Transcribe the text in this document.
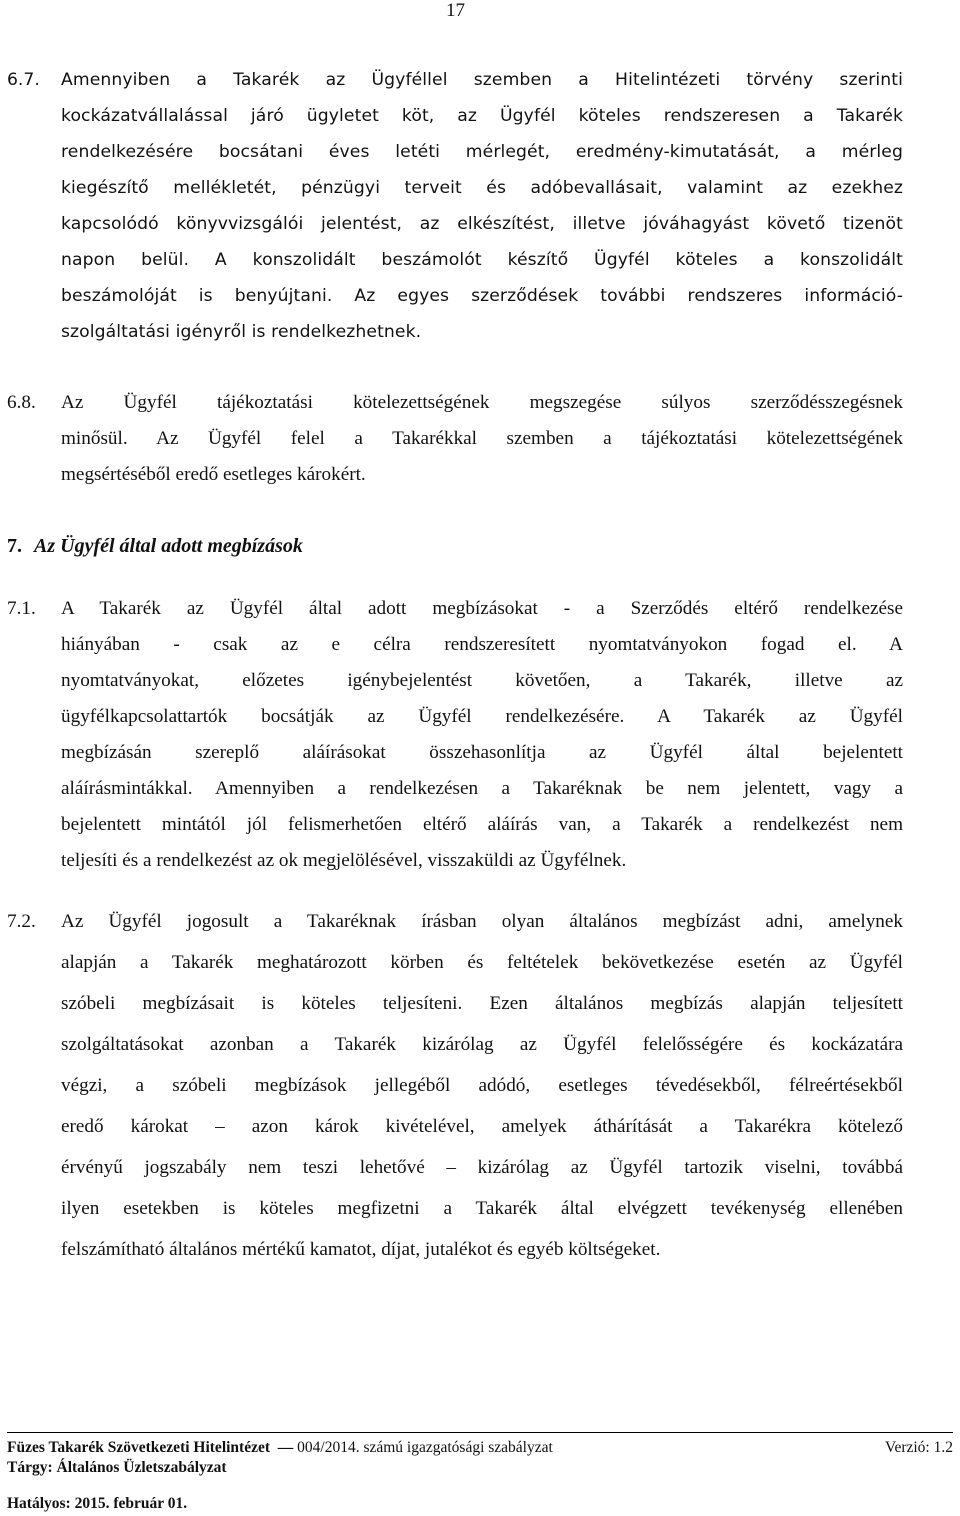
17
6.7. Amennyiben a Takarék az Ügyféllel szemben a Hitelintézeti törvény szerinti
kockázatvállalással járó ügyletet köt, az Ügyfél köteles rendszeresen a Takarék
rendelkezésére bocsátani éves letéti mérlegét, eredmény-kimutatását, a mérleg
kiegészítő mellékletét, pénzügyi terveit és adóbevallásait, valamint az ezekhez
kapcsolódó könyvvizsgálói jelentést, az elkészítést, illetve jóváhagyást követő tizenöt
napon belül. A konszolidált beszámolót készítő Ügyfél köteles a konszolidált
beszámolóját is benyújtani. Az egyes szerződések további rendszeres információ-
szolgáltatási igényről is rendelkezhetnek.
6.8. Az Ügyfél tájékoztatási kötelezettségének megszegése súlyos szerződésszegésnek
minősül. Az Ügyfél felel a Takarékkal szemben a tájékoztatási kötelezettségének
megsértéséből eredő esetleges károkért.
7. Az Ügyfél által adott megbízások
7.1. A Takarék az Ügyfél által adott megbízásokat - a Szerződés eltérő rendelkezése
hiányában - csak az e célra rendszeresített nyomtatványokon fogad el. A
nyomtatványokat, előzetes igénybejelentést követően, a Takarék, illetve az
ügyfélkapcsolattartók bocsátják az Ügyfél rendelkezésére. A Takarék az Ügyfél
megbízásán szereplő aláírásokat összehasonlítja az Ügyfél által bejelentett
aláírásmintákkal. Amennyiben a rendelkezésen a Takaréknak be nem jelentett, vagy a
bejelentett mintától jól felismerhetően eltérő aláírás van, a Takarék a rendelkezést nem
teljesíti és a rendelkezést az ok megjelölésével, visszaküldi az Ügyfélnek.
7.2. Az Ügyfél jogosult a Takaréknak írásban olyan általános megbízást adni, amelynek
alapján a Takarék meghatározott körben és feltételek bekövetkezése esetén az Ügyfél
szóbeli megbízásait is köteles teljesíteni. Ezen általános megbízás alapján teljesített
szolgáltatásokat azonban a Takarék kizárólag az Ügyfél felelősségére és kockázatára
végzi, a szóbeli megbízások jellegéből adódó, esetleges tévedésekből, félreértésekből
eredő károkat – azon károk kivételével, amelyek áthárítását a Takarékra kötelező
érvényű jogszabály nem teszi lehetővé – kizárólag az Ügyfél tartozik viselni, továbbá
ilyen esetekben is köteles megfizetni a Takarék által elvégzett tevékenység ellenében
felszámítható általános mértékű kamatot, díjat, jutalékot és egyéb költségeket.
Füzes Takarék Szövetkezeti Hitelintézet  — 004/2014. számú igazgatósági szabályzat	Verzió: 1.2
Tárgy: Általános Üzletszabályzat
Hatályos: 2015. február 01.
